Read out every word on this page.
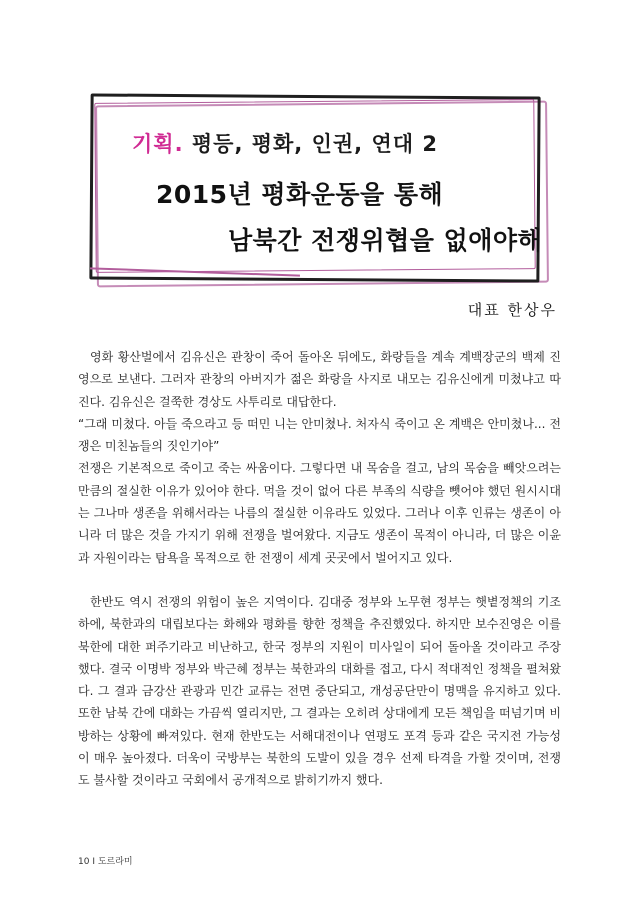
기획. 평등, 평화, 인권, 연대 2
2015년 평화운동을 통해
남북간 전쟁위협을 없애야해
대표 한상우

영화 황산벌에서 김유신은 관창이 죽어 돌아온 뒤에도, 화랑들을 계속 계백장군의 백제 진영으로 보낸다. 그러자 관창의 아버지가 젊은 화랑을 사지로 내모는 김유신에게 미쳤냐고 따진다. 김유신은 걸쭉한 경상도 사투리로 대답한다.

“그래 미쳤다. 아들 죽으라고 등 떠민 니는 안미쳤나. 처자식 죽이고 온 계백은 안미쳤나... 전쟁은 미친놈들의 짓인기야”

전쟁은 기본적으로 죽이고 죽는 싸움이다. 그렇다면 내 목숨을 걸고, 남의 목숨을 빼앗으려는 만큼의 절실한 이유가 있어야 한다. 먹을 것이 없어 다른 부족의 식량을 뺏어야 했던 원시시대는 그나마 생존을 위해서라는 나름의 절실한 이유라도 있었다. 그러나 이후 인류는 생존이 아니라 더 많은 것을 가지기 위해 전쟁을 벌여왔다. 지금도 생존이 목적이 아니라, 더 많은 이윤과 자원이라는 탐욕을 목적으로 한 전쟁이 세계 곳곳에서 벌어지고 있다.

한반도 역시 전쟁의 위험이 높은 지역이다. 김대중 정부와 노무현 정부는 햇볕정책의 기조 하에, 북한과의 대립보다는 화해와 평화를 향한 정책을 추진했었다. 하지만 보수진영은 이를 북한에 대한 퍼주기라고 비난하고, 한국 정부의 지원이 미사일이 되어 돌아올 것이라고 주장했다. 결국 이명박 정부와 박근혜 정부는 북한과의 대화를 접고, 다시 적대적인 정책을 펼쳐왔다. 그 결과 금강산 관광과 민간 교류는 전면 중단되고, 개성공단만이 명맥을 유지하고 있다. 또한 남북 간에 대화는 가끔씩 열리지만, 그 결과는 오히려 상대에게 모든 책임을 떠넘기며 비방하는 상황에 빠져있다. 현재 한반도는 서해대전이나 연평도 포격 등과 같은 국지전 가능성이 매우 높아졌다. 더욱이 국방부는 북한의 도발이 있을 경우 선제 타격을 가할 것이며, 전쟁도 불사할 것이라고 국회에서 공개적으로 밝히기까지 했다.

10 I 도르라미
